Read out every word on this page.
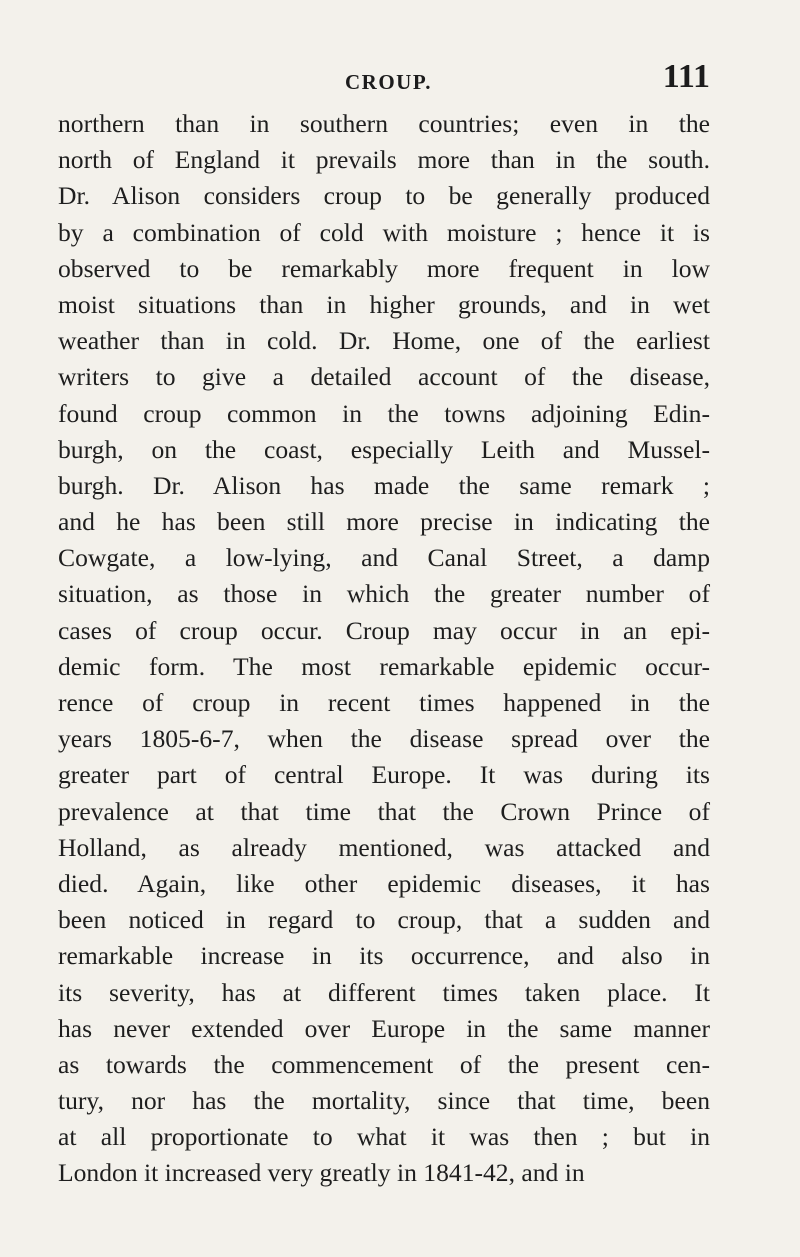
CROUP.	111
northern than in southern countries; even in the
north of England it prevails more than in the south.
Dr. Alison considers croup to be generally produced
by a combination of cold with moisture ; hence it is
observed to be remarkably more frequent in low
moist situations than in higher grounds, and in wet
weather than in cold. Dr. Home, one of the earliest
writers to give a detailed account of the disease,
found croup common in the towns adjoining Edin-
burgh, on the coast, especially Leith and Mussel-
burgh. Dr. Alison has made the same remark ;
and he has been still more precise in indicating the
Cowgate, a low-lying, and Canal Street, a damp
situation, as those in which the greater number of
cases of croup occur. Croup may occur in an epi-
demic form. The most remarkable epidemic occur-
rence of croup in recent times happened in the
years 1805-6-7, when the disease spread over the
greater part of central Europe. It was during its
prevalence at that time that the Crown Prince of
Holland, as already mentioned, was attacked and
died. Again, like other epidemic diseases, it has
been noticed in regard to croup, that a sudden and
remarkable increase in its occurrence, and also in
its severity, has at different times taken place. It
has never extended over Europe in the same manner
as towards the commencement of the present cen-
tury, nor has the mortality, since that time, been
at all proportionate to what it was then ; but in
London it increased very greatly in 1841-42, and in
